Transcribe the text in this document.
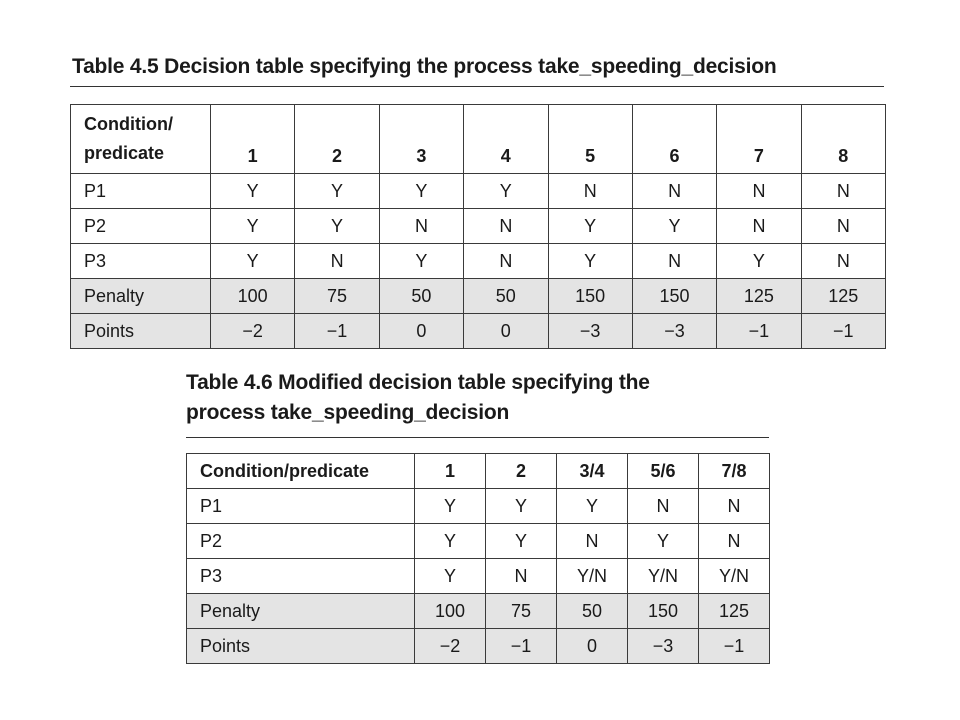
Table 4.5 Decision table specifying the process take_speeding_decision

Condition/
predicate	1	2	3	4	5	6	7	8
P1	Y	Y	Y	Y	N	N	N	N
P2	Y	Y	N	N	Y	Y	N	N
P3	Y	N	Y	N	Y	N	Y	N
Penalty	100	75	50	50	150	150	125	125
Points	−2	−1	0	0	−3	−3	−1	−1

Table 4.6 Modified decision table specifying the
process take_speeding_decision

Condition/predicate	1	2	3/4	5/6	7/8
P1	Y	Y	Y	N	N
P2	Y	Y	N	Y	N
P3	Y	N	Y/N	Y/N	Y/N
Penalty	100	75	50	150	125
Points	−2	−1	0	−3	−1
